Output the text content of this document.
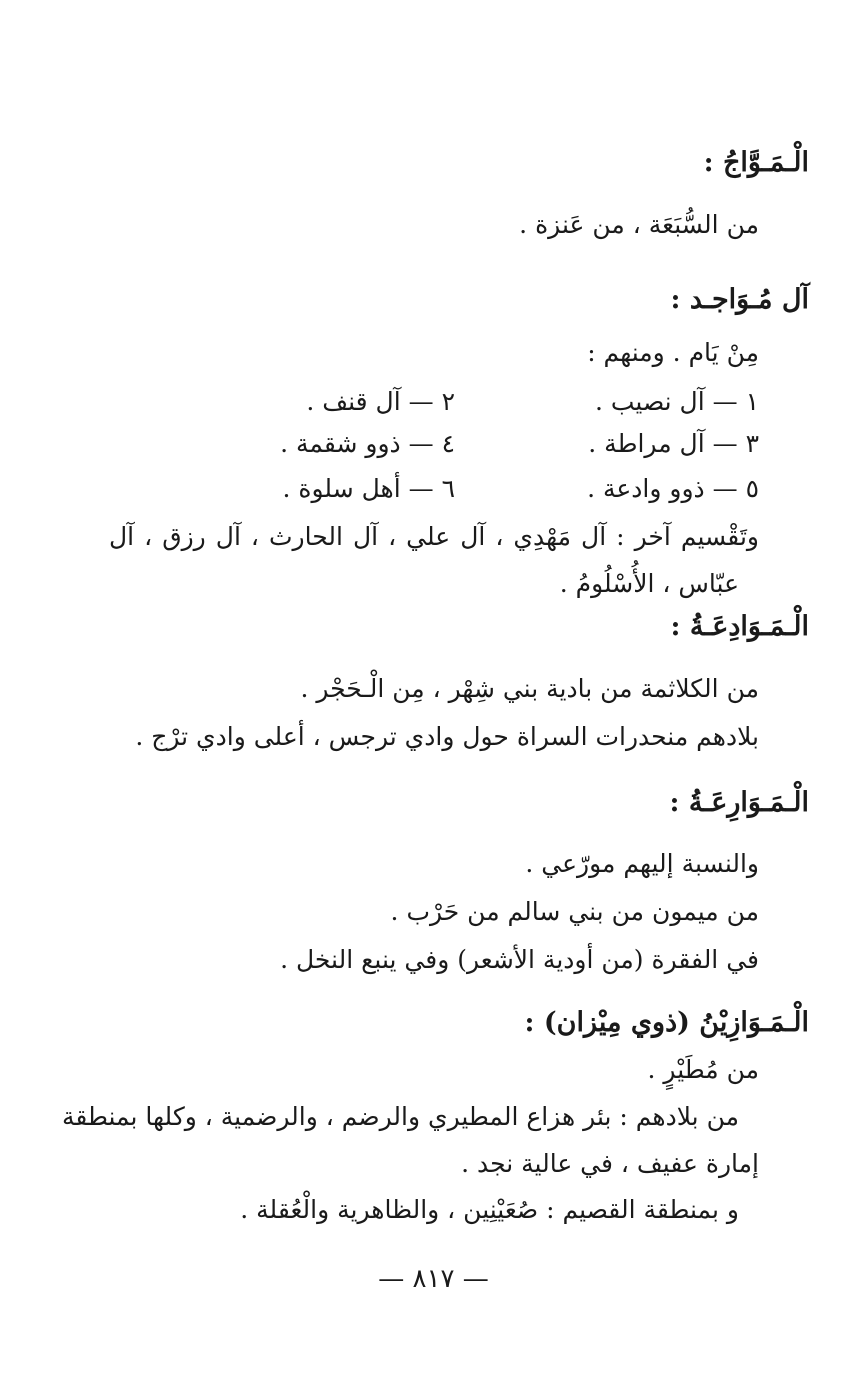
الْـمَـوَّاجُ :
من السُّبَعَة ، من عَنزة .
آل مُـوَاجـد :
مِنْ يَام . ومنهم :
١ — آل نصيب .
٢ — آل قنف .
٣ — آل مراطة .
٤ — ذوو شقمة .
٥ — ذوو وادعة .
٦ — أهل سلوة .
وتَقْسيم آخر : آل مَهْدِي ، آل علي ، آل الحارث ، آل رزق ، آل
عبّاس ، الأُسْلُومُ .
الْـمَـوَادِعَـةُ :
من الكلاثمة من بادية بني شِهْر ، مِن الْـحَجْر .
بلادهم منحدرات السراة حول وادي ترجس ، أعلى وادي ترْج .
الْـمَـوَارِعَـةُ :
والنسبة إليهم مورّعي .
من ميمون من بني سالم من حَرْب .
في الفقرة (من أودية الأشعر) وفي ينبع النخل .
الْـمَـوَازِيْنُ (ذوي مِيْزان) :
من مُطَيْرٍ .
من بلادهم : بئر هزاع المطيري والرضم ، والرضمية ، وكلها بمنطقة
إمارة عفيف ، في عالية نجد .
و بمنطقة القصيم : صُعَيْنِين ، والظاهرية والْعُقلة .
— ٨١٧ —
